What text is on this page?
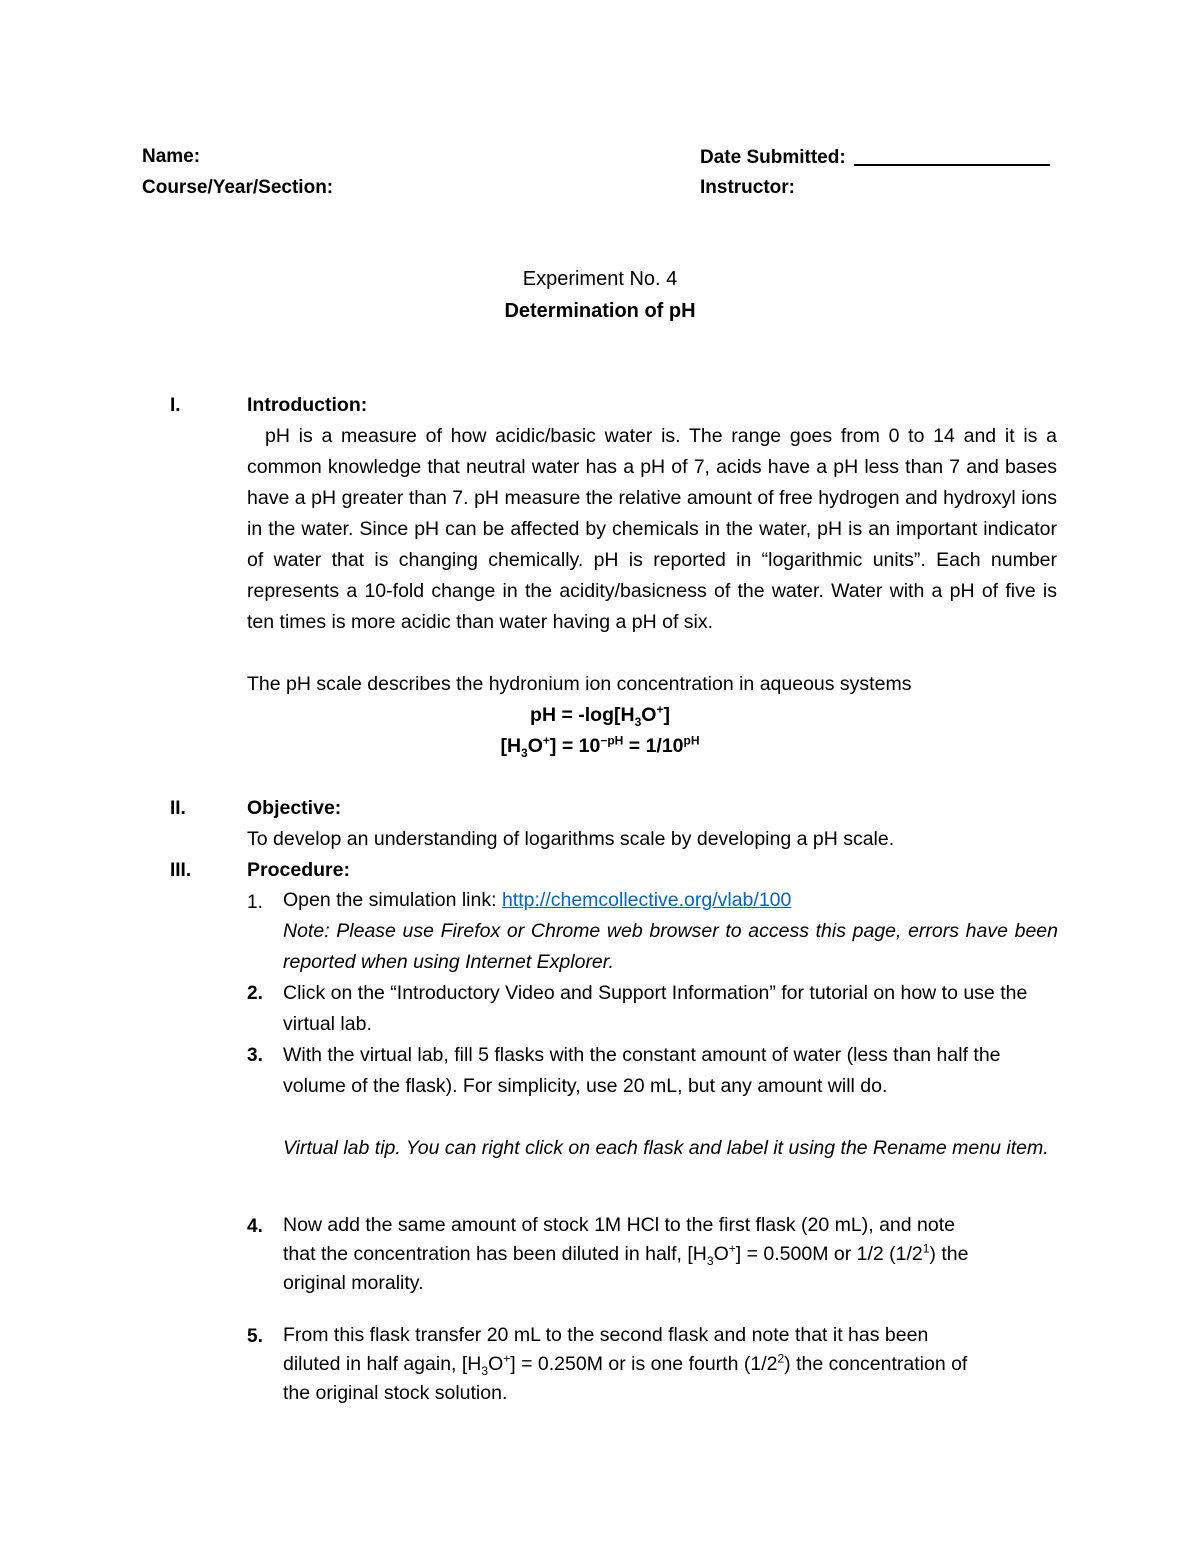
Name:
Course/Year/Section:
Date Submitted:
Instructor:
Experiment No. 4
Determination of pH
I.	Introduction:
pH is a measure of how acidic/basic water is. The range goes from 0 to 14 and it is a common knowledge that neutral water has a pH of 7, acids have a pH less than 7 and bases have a pH greater than 7. pH measure the relative amount of free hydrogen and hydroxyl ions in the water. Since pH can be affected by chemicals in the water, pH is an important indicator of water that is changing chemically. pH is reported in “logarithmic units”. Each number represents a 10-fold change in the acidity/basicness of the water. Water with a pH of five is ten times is more acidic than water having a pH of six.
The pH scale describes the hydronium ion concentration in aqueous systems
pH = $-\log[H_3O^+]$
$[H_3O^+] = 10^{-pH} = 1/10^{pH}$
II.	Objective:
To develop an understanding of logarithms scale by developing a pH scale.
III.	Procedure:
1. Open the simulation link: http://chemcollective.org/vlab/100
Note: Please use Firefox or Chrome web browser to access this page, errors have been reported when using Internet Explorer.
2. Click on the “Introductory Video and Support Information” for tutorial on how to use the virtual lab.
3. With the virtual lab, fill 5 flasks with the constant amount of water (less than half the volume of the flask). For simplicity, use 20 mL, but any amount will do.
Virtual lab tip. You can right click on each flask and label it using the Rename menu item.
4. Now add the same amount of stock 1M HCl to the first flask (20 mL), and note
that the concentration has been diluted in half, $[H_3O^+] = 0.500M$ or 1/2 $(1/2^1)$ the
original morality.
5. From this flask transfer 20 mL to the second flask and note that it has been
diluted in half again, $[H_3O^+] = 0.250M$ or is one fourth $(1/2^2)$ the concentration of
the original stock solution.
